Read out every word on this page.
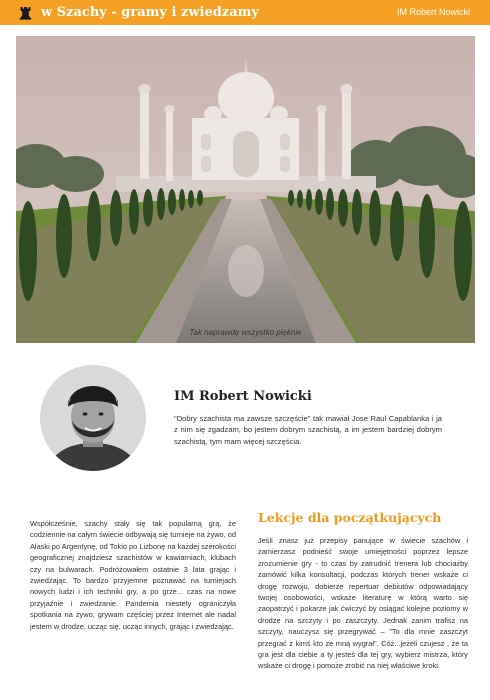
w Szachy - gramy i zwiedzamy	IM Robert Nowicki
Tak naprawdę wszystko pięknie
IM Robert Nowicki

"Dobry szachista ma zawsze szczęście" tak mawiał Jose Raul Capablanka i ja z nim się zgadzam, bo jestem dobrym szachistą, a im jestem bardziej dobrym szachistą, tym mam więcej szczęścia.

Współcześnie, szachy stały się tak popularną grą, że codziennie na całym świecie odbywają się turnieje na żywo, od Alaski po Argentynę, od Tokio po Lizbonę na każdej szerokości geograficznej znajdziesz szachistów w kawiarniach, klubach czy na bulwarach. Podróżowałem ostatnie 3 lata grając i zwiedzając. To bardzo przyjemne poznawać na turniejach nowych ludzi i ich techniki gry, a po grze... czas na nowe przyjaźnie i zwiedzanie. Pandemia niestety ograniczyła spotkania na żywo, grywam częściej przez Internet ale nadal jestem w drodze, ucząc się, ucząc innych, grając i zwiedzając.

Lekcje dla początkujących

Jeśli znasz już przepisy panujące w świecie szachów i zamierzasz podnieść swoje umiejętności poprzez lepsze zrozumienie gry - to czas by zatrudnić trenera lub chociażby zamówić kilka konsultacji, podczas których trener wskaże ci drogę rozwoju, dobierze repertuar debiutów odpowiadający twojej osobowości, wskaże literaturę w którą warto się zaopatrzyć i pokarze jak ćwiczyć by osiągać kolejne poziomy w drodze na szczyty i po zaszczyty. Jednak zanim trafisz na szczyty, nauczysz się przegrywać – "To dla mnie zaszczyt przegrać z kimś kto ze mną wygrał". Cóż...jeżeli czujesz , że ta gra jest dla ciebie a ty jesteś dla tej gry, wybierz mistrza, który wskaże ci drogę i pomoże zrobić na niej właściwe kroki.
